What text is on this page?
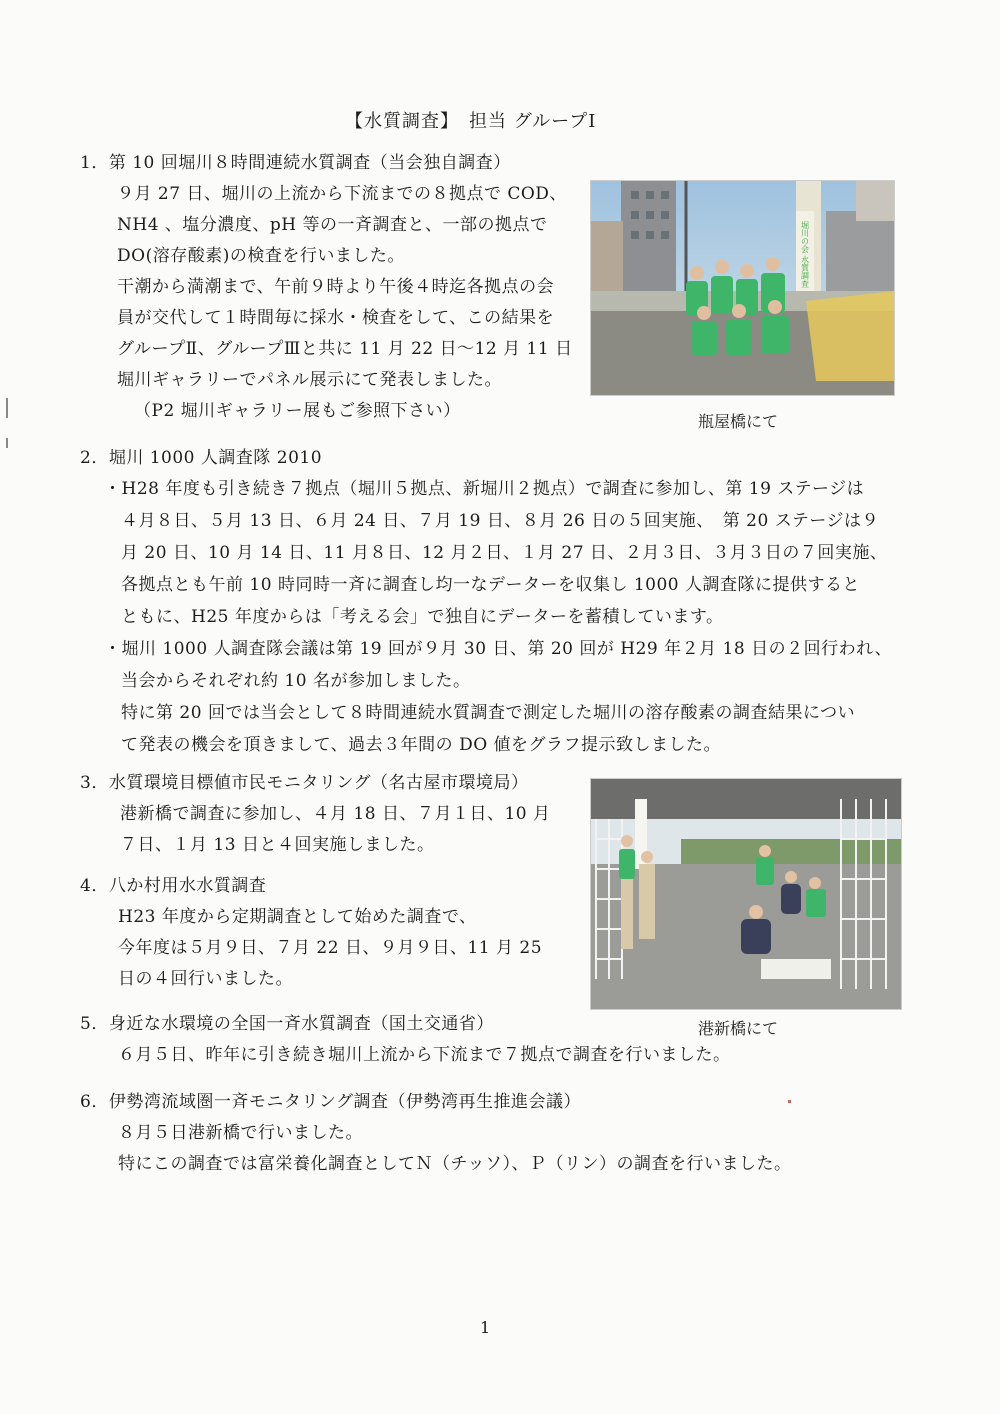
【水質調査】　担当 グループⅠ
1．第 10 回堀川８時間連続水質調査（当会独自調査）
９月 27 日、堀川の上流から下流までの８拠点で COD、
NH4 、塩分濃度、pH 等の一斉調査と、一部の拠点で
DO(溶存酸素)の検査を行いました。
干潮から満潮まで、午前９時より午後４時迄各拠点の会
員が交代して１時間毎に採水・検査をして、この結果を
グループⅡ、グループⅢと共に 11 月 22 日〜12 月 11 日
堀川ギャラリーでパネル展示にて発表しました。
（P2 堀川ギャラリー展もご参照下さい）
堀川の会 水質調査
瓶屋橋にて
2．堀川 1000 人調査隊 2010
・H28 年度も引き続き７拠点（堀川５拠点、新堀川２拠点）で調査に参加し、第 19 ステージは
４月８日、５月 13 日、６月 24 日、７月 19 日、８月 26 日の５回実施、　第 20 ステージは９
月 20 日、10 月 14 日、11 月８日、12 月２日、１月 27 日、２月３日、３月３日の７回実施、
各拠点とも午前 10 時同時一斉に調査し均一なデーターを収集し 1000 人調査隊に提供すると
ともに、H25 年度からは「考える会」で独自にデーターを蓄積しています。
・堀川 1000 人調査隊会議は第 19 回が９月 30 日、第 20 回が H29 年２月 18 日の２回行われ、
当会からそれぞれ約 10 名が参加しました。
特に第 20 回では当会として８時間連続水質調査で測定した堀川の溶存酸素の調査結果につい
て発表の機会を頂きまして、過去３年間の DO 値をグラフ提示致しました。
3．水質環境目標値市民モニタリング（名古屋市環境局）
港新橋で調査に参加し、４月 18 日、７月１日、10 月
７日、１月 13 日と４回実施しました。
港新橋にて
4．八か村用水水質調査
H23 年度から定期調査として始めた調査で、
今年度は５月９日、７月 22 日、９月９日、11 月 25
日の４回行いました。
5．身近な水環境の全国一斉水質調査（国土交通省）
６月５日、昨年に引き続き堀川上流から下流まで７拠点で調査を行いました。
6．伊勢湾流域圏一斉モニタリング調査（伊勢湾再生推進会議）
８月５日港新橋で行いました。
特にこの調査では富栄養化調査としてＮ（チッソ）、Ｐ（リン）の調査を行いました。
1
